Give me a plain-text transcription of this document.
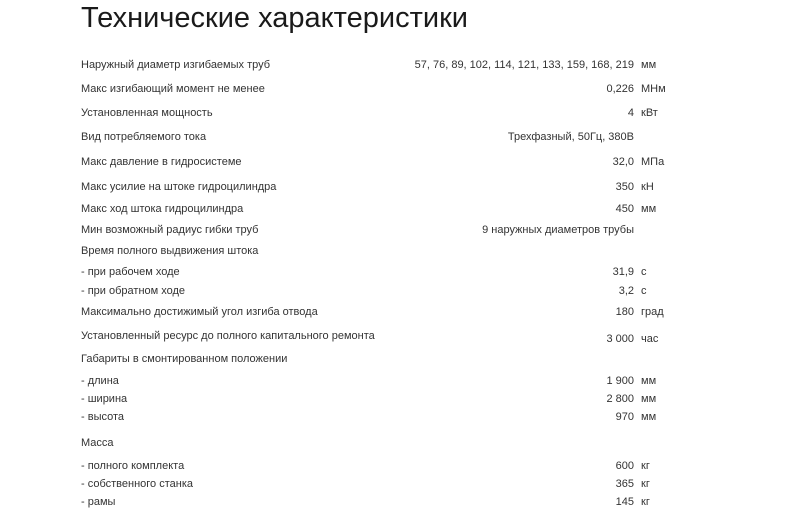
Технические характеристики
Наружный диаметр изгибаемых труб	57, 76, 89, 102, 114, 121, 133, 159, 168, 219 мм
Макс изгибающий момент не менее	0,226 МНм
Установленная мощность	4 кВт
Вид потребляемого тока	Трехфазный, 50Гц, 380В
Макс давление в гидросистеме	32,0 МПа
Макс усилие на штоке гидроцилиндра	350 кН
Макс ход штока гидроцилиндра	450 мм
Мин возможный радиус гибки труб	9 наружных диаметров трубы
Время полного выдвижения штока
- при рабочем ходе	31,9 с
- при обратном ходе	3,2 с
Максимально достижимый угол изгиба отвода	180 град
Установленный ресурс до полного капитального ремонта	3 000 час
Габариты в смонтированном положении
- длина	1 900 мм
- ширина	2 800 мм
- высота	970 мм
Масса
- полного комплекта	600 кг
- собственного станка	365 кг
- рамы	145 кг
